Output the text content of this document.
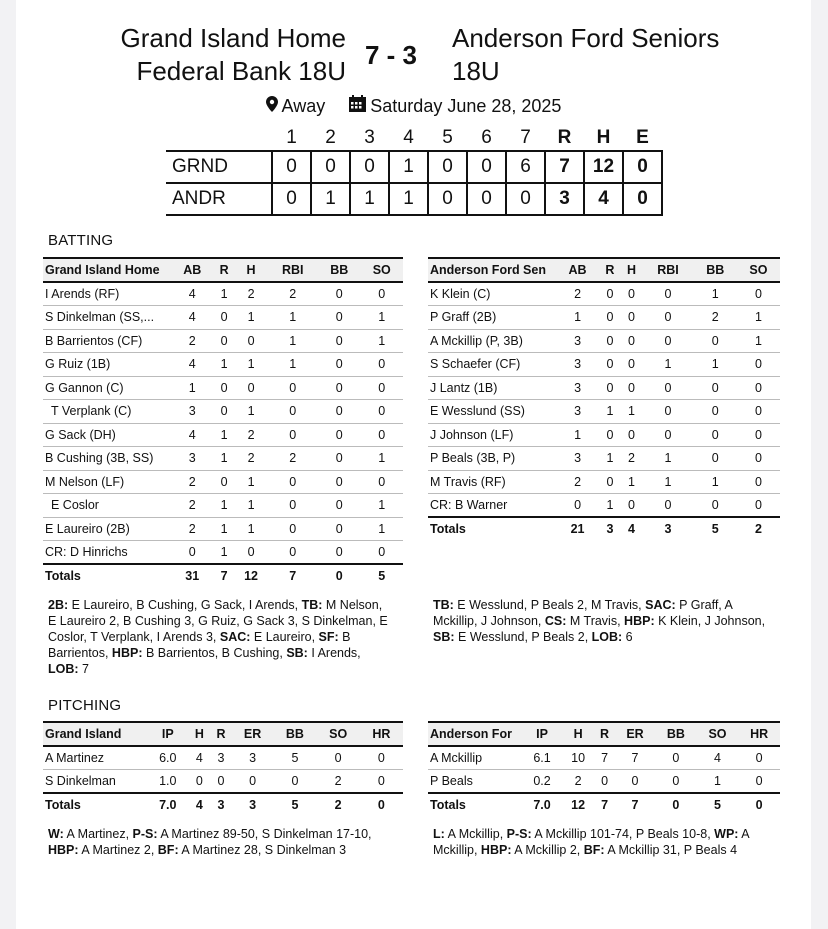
Grand Island Home
Federal Bank 18U
7 - 3
Anderson Ford Seniors
18U
Away	Saturday June 28, 2025
	1	2	3	4	5	6	7	R	H	E
GRND	0	0	0	1	0	0	6	7	12	0
ANDR	0	1	1	1	0	0	0	3	4	0
BATTING
Grand Island Home	AB	R	H	RBI	BB	SO
I Arends (RF)	4	1	2	2	0	0
S Dinkelman (SS,...	4	0	1	1	0	1
B Barrientos (CF)	2	0	0	1	0	1
G Ruiz (1B)	4	1	1	1	0	0
G Gannon (C)	1	0	0	0	0	0
T Verplank (C)	3	0	1	0	0	0
G Sack (DH)	4	1	2	0	0	0
B Cushing (3B, SS)	3	1	2	2	0	1
M Nelson (LF)	2	0	1	0	0	0
E Coslor	2	1	1	0	0	1
E Laureiro (2B)	2	1	1	0	0	1
CR: D Hinrichs	0	1	0	0	0	0
Totals	31	7	12	7	0	5
Anderson Ford Sen	AB	R	H	RBI	BB	SO
K Klein (C)	2	0	0	0	1	0
P Graff (2B)	1	0	0	0	2	1
A Mckillip (P, 3B)	3	0	0	0	0	1
S Schaefer (CF)	3	0	0	1	1	0
J Lantz (1B)	3	0	0	0	0	0
E Wesslund (SS)	3	1	1	0	0	0
J Johnson (LF)	1	0	0	0	0	0
P Beals (3B, P)	3	1	2	1	0	0
M Travis (RF)	2	0	1	1	1	0
CR: B Warner	0	1	0	0	0	0
Totals	21	3	4	3	5	2
2B: E Laureiro, B Cushing, G Sack, I Arends, TB: M Nelson, E Laureiro 2, B Cushing 3, G Ruiz, G Sack 3, S Dinkelman, E Coslor, T Verplank, I Arends 3, SAC: E Laureiro, SF: B Barrientos, HBP: B Barrientos, B Cushing, SB: I Arends, LOB: 7
TB: E Wesslund, P Beals 2, M Travis, SAC: P Graff, A Mckillip, J Johnson, CS: M Travis, HBP: K Klein, J Johnson, SB: E Wesslund, P Beals 2, LOB: 6
PITCHING
Grand Island	IP	H	R	ER	BB	SO	HR
A Martinez	6.0	4	3	3	5	0	0
S Dinkelman	1.0	0	0	0	0	2	0
Totals	7.0	4	3	3	5	2	0
Anderson For	IP	H	R	ER	BB	SO	HR
A Mckillip	6.1	10	7	7	0	4	0
P Beals	0.2	2	0	0	0	1	0
Totals	7.0	12	7	7	0	5	0
W: A Martinez, P-S: A Martinez 89-50, S Dinkelman 17-10, HBP: A Martinez 2, BF: A Martinez 28, S Dinkelman 3
L: A Mckillip, P-S: A Mckillip 101-74, P Beals 10-8, WP: A Mckillip, HBP: A Mckillip 2, BF: A Mckillip 31, P Beals 4
